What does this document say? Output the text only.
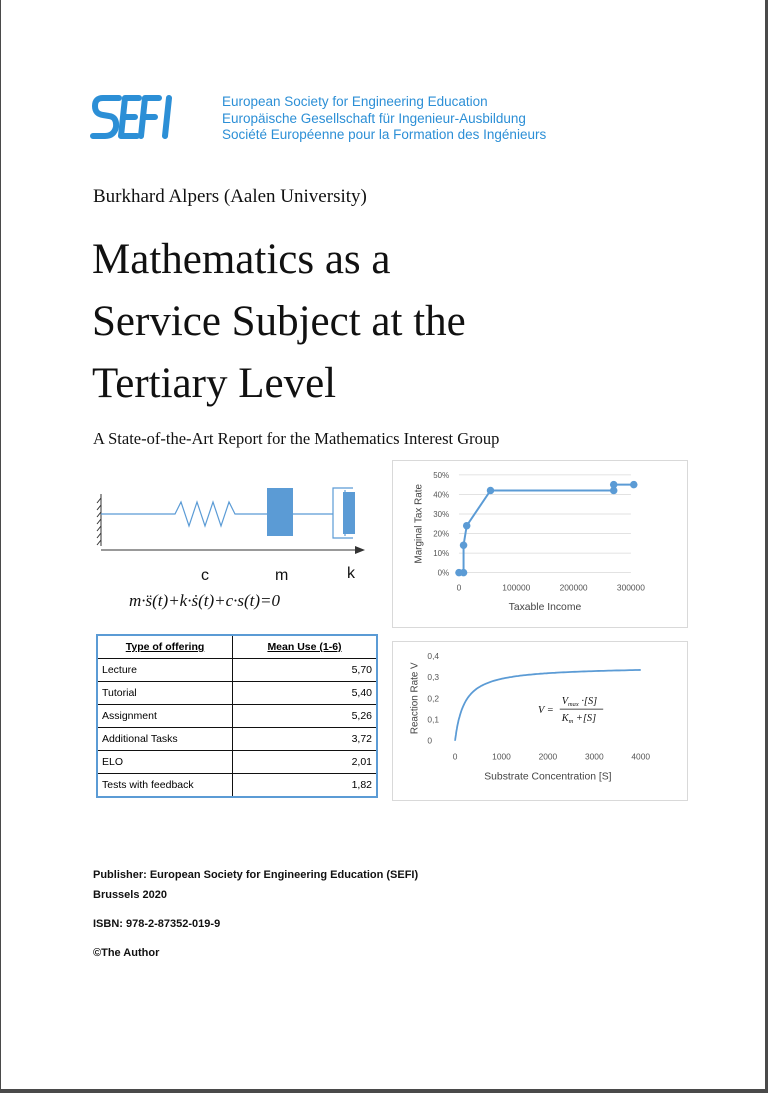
SEFI
European Society for Engineering Education
Europäische Gesellschaft für Ingenieur-Ausbildung
Société Européenne pour la Formation des Ingénieurs
Burkhard Alpers (Aalen University)
Mathematics as a
Service Subject at the
Tertiary Level
A State-of-the-Art Report for the Mathematics Interest Group
c	m	k
m·s̈(t)+k·ṡ(t)+c·s(t)=0
0%
10%
20%
30%
40%
50%
0	100000	200000	300000
Taxable Income
Marginal Tax Rate
Type of offering	Mean Use (1-6)
Lecture	5,70
Tutorial	5,40
Assignment	5,26
Additional Tasks	3,72
ELO	2,01
Tests with feedback	1,82
0
0,1
0,2
0,3
0,4
0	1000	2000	3000	4000
Substrate Concentration [S]
Reaction Rate V	V =
Vmax ·[S]
Km +[S]
Publisher: European Society for Engineering Education (SEFI)
Brussels 2020
ISBN: 978-2-87352-019-9
©The Author
